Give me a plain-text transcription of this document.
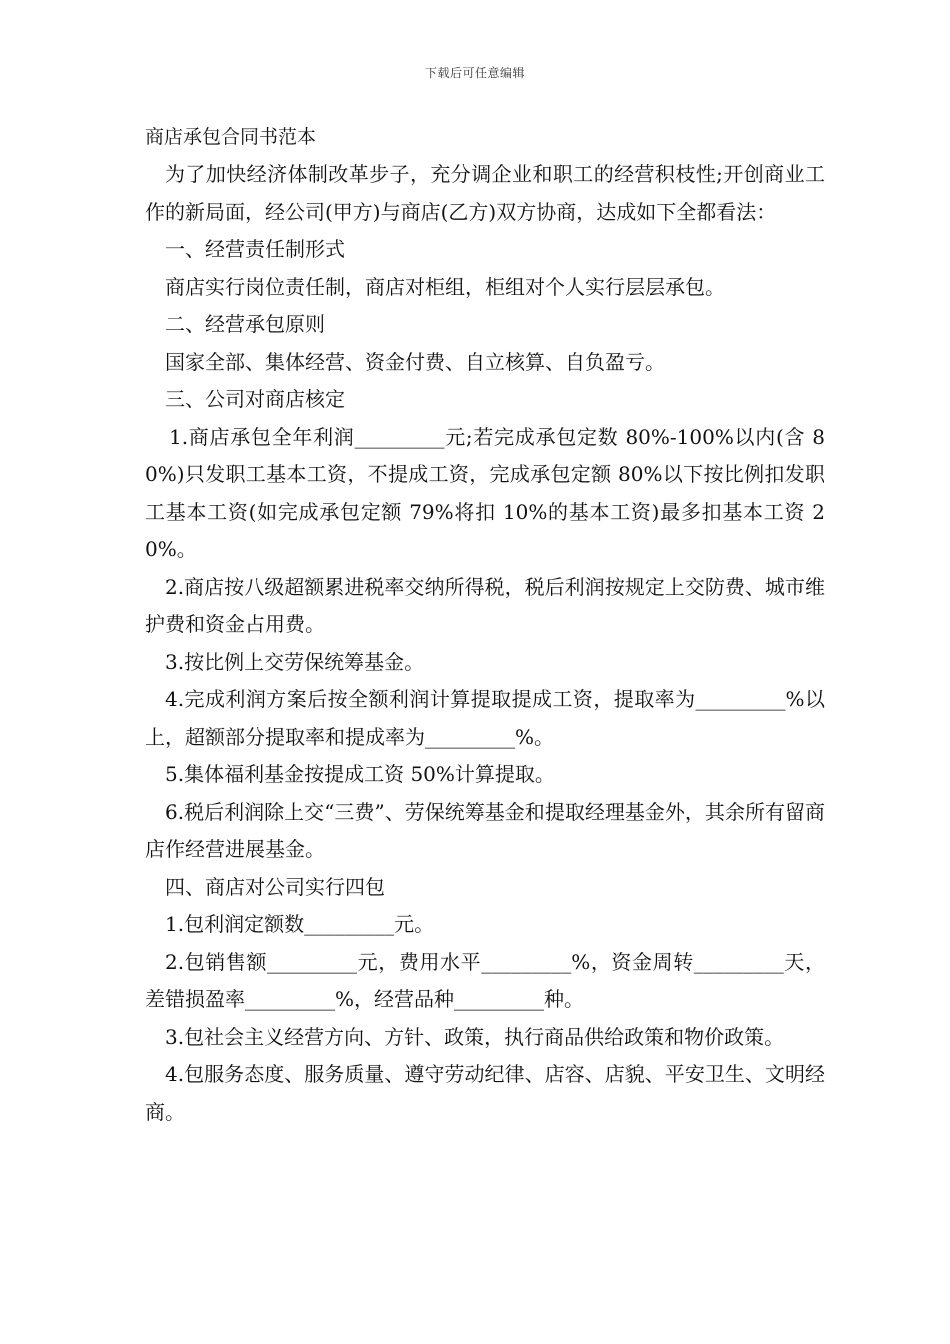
下载后可任意编辑
商店承包合同书范本

为了加快经济体制改革步子，充分调企业和职工的经营积枝性;开创商业工作的新局面，经公司(甲方)与商店(乙方)双方协商，达成如下全都看法：

一、经营责任制形式

商店实行岗位责任制，商店对柜组，柜组对个人实行层层承包。

二、经营承包原则

国家全部、集体经营、资金付费、自立核算、自负盈亏。

三、公司对商店核定

1.商店承包全年利润_________元;若完成承包定数 80%-100%以内(含 80%)只发职工基本工资，不提成工资，完成承包定额 80%以下按比例扣发职工基本工资(如完成承包定额 79%将扣 10%的基本工资)最多扣基本工资 20%。

2.商店按八级超额累进税率交纳所得税，税后利润按规定上交防费、城市维护费和资金占用费。

3.按比例上交劳保统筹基金。

4.完成利润方案后按全额利润计算提取提成工资，提取率为_________%以上，超额部分提取率和提成率为_________%。

5.集体福利基金按提成工资 50%计算提取。

6.税后利润除上交“三费”、劳保统筹基金和提取经理基金外，其余所有留商店作经营进展基金。

四、商店对公司实行四包

1.包利润定额数_________元。

2.包销售额_________元，费用水平_________%，资金周转_________天，差错损盈率_________%，经营品种_________种。

3.包社会主义经营方向、方针、政策，执行商品供给政策和物价政策。

4.包服务态度、服务质量、遵守劳动纪律、店容、店貌、平安卫生、文明经商。
